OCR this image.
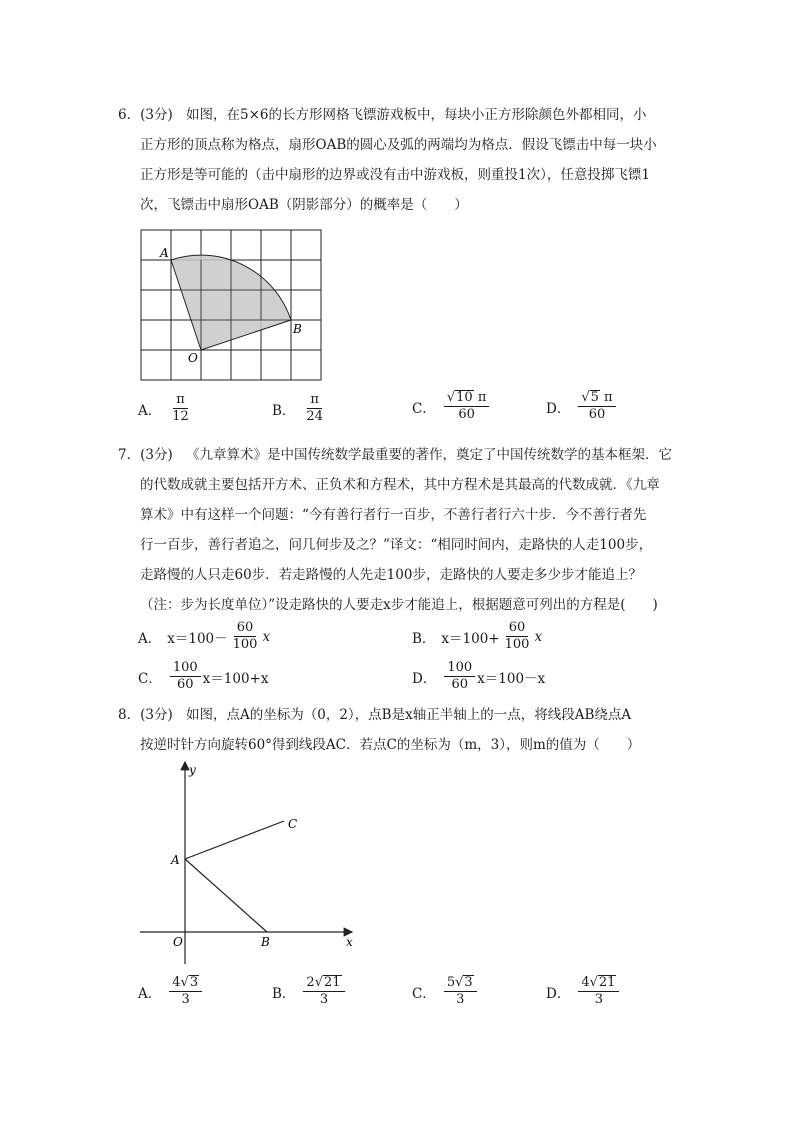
6．(3分) 如图，在5×6的长方形网格飞镖游戏板中，每块小正方形除颜色外都相同，小
正方形的顶点称为格点，扇形OAB的圆心及弧的两端均为格点．假设飞镖击中每一块小
正方形是等可能的（击中扇形的边界或没有击中游戏板，则重投1次），任意投掷飞镖1
次，飞镖击中扇形OAB（阴影部分）的概率是（　　）
A
B
O
A． $\frac{\pi}{12}$	B． $\frac{\pi}{24}$	C． $\frac{√ 10 \pi}{60}$	D． $\frac{√ 5 \pi}{60}$
7．(3分) 《九章算术》是中国传统数学最重要的著作，奠定了中国传统数学的基本框架．它
的代数成就主要包括开方术、正负术和方程术，其中方程术是其最高的代数成就．《九章
算术》中有这样一个问题：“今有善行者行一百步，不善行者行六十步．今不善行者先
行一百步，善行者追之，问几何步及之？”译文：“相同时间内，走路快的人走100步，
走路慢的人只走60步．若走路慢的人先走100步，走路快的人要走多少步才能追上？
（注：步为长度单位）”设走路快的人要走x步才能追上，根据题意可列出的方程是(　　)
A． $x=100- \frac{60}{100}$ x	B． $x=100+ \frac{60}{100}$ x
C． $\frac{100}{60} x=100+x$	D． $\frac{100}{60} x=100-x$
8．(3分) 如图，点A的坐标为（0，2），点B是x轴正半轴上的一点，将线段AB绕点A
按逆时针方向旋转60°得到线段AC．若点C的坐标为（m，3），则m的值为（　　）
y
x
A
C
B
O
A． $\frac{4 √ 3}{3}$	B． $\frac{2 √ 21}{3}$	C． $\frac{5 √ 3}{3}$	D． $\frac{4 √ 21}{3}$
